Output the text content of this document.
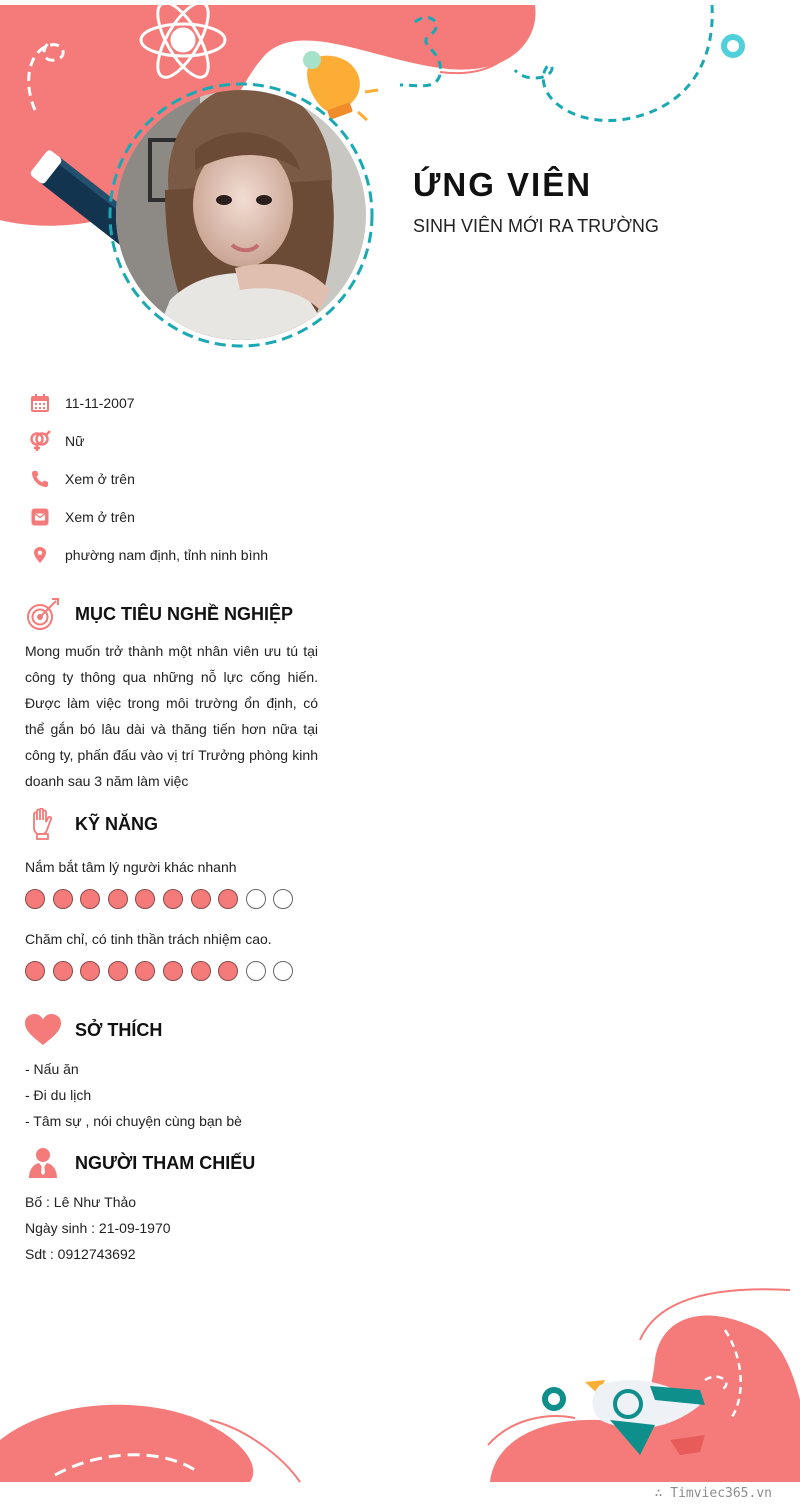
ỨNG VIÊN
SINH VIÊN MỚI RA TRƯỜNG
11-11-2007
Nữ
Xem ở trên
Xem ở trên
phường nam định, tỉnh ninh bình
MỤC TIÊU NGHỀ NGHIỆP
Mong muốn trở thành một nhân viên ưu tú tại công ty thông qua những nỗ lực cống hiến. Được làm việc trong môi trường ổn định, có thể gắn bó lâu dài và thăng tiến hơn nữa tại công ty, phấn đấu vào vị trí Trưởng phòng kinh doanh sau 3 năm làm việc
KỸ NĂNG
Nắm bắt tâm lý người khác nhanh
Chăm chỉ, có tinh thần trách nhiệm cao.
SỞ THÍCH
- Nấu ăn
- Đi du lịch
- Tâm sự , nói chuyện cùng bạn bè
NGƯỜI THAM CHIẾU
Bố : Lê Như Thảo
Ngày sinh : 21-09-1970
Sdt : 0912743692
∴ Timviec365.vn
